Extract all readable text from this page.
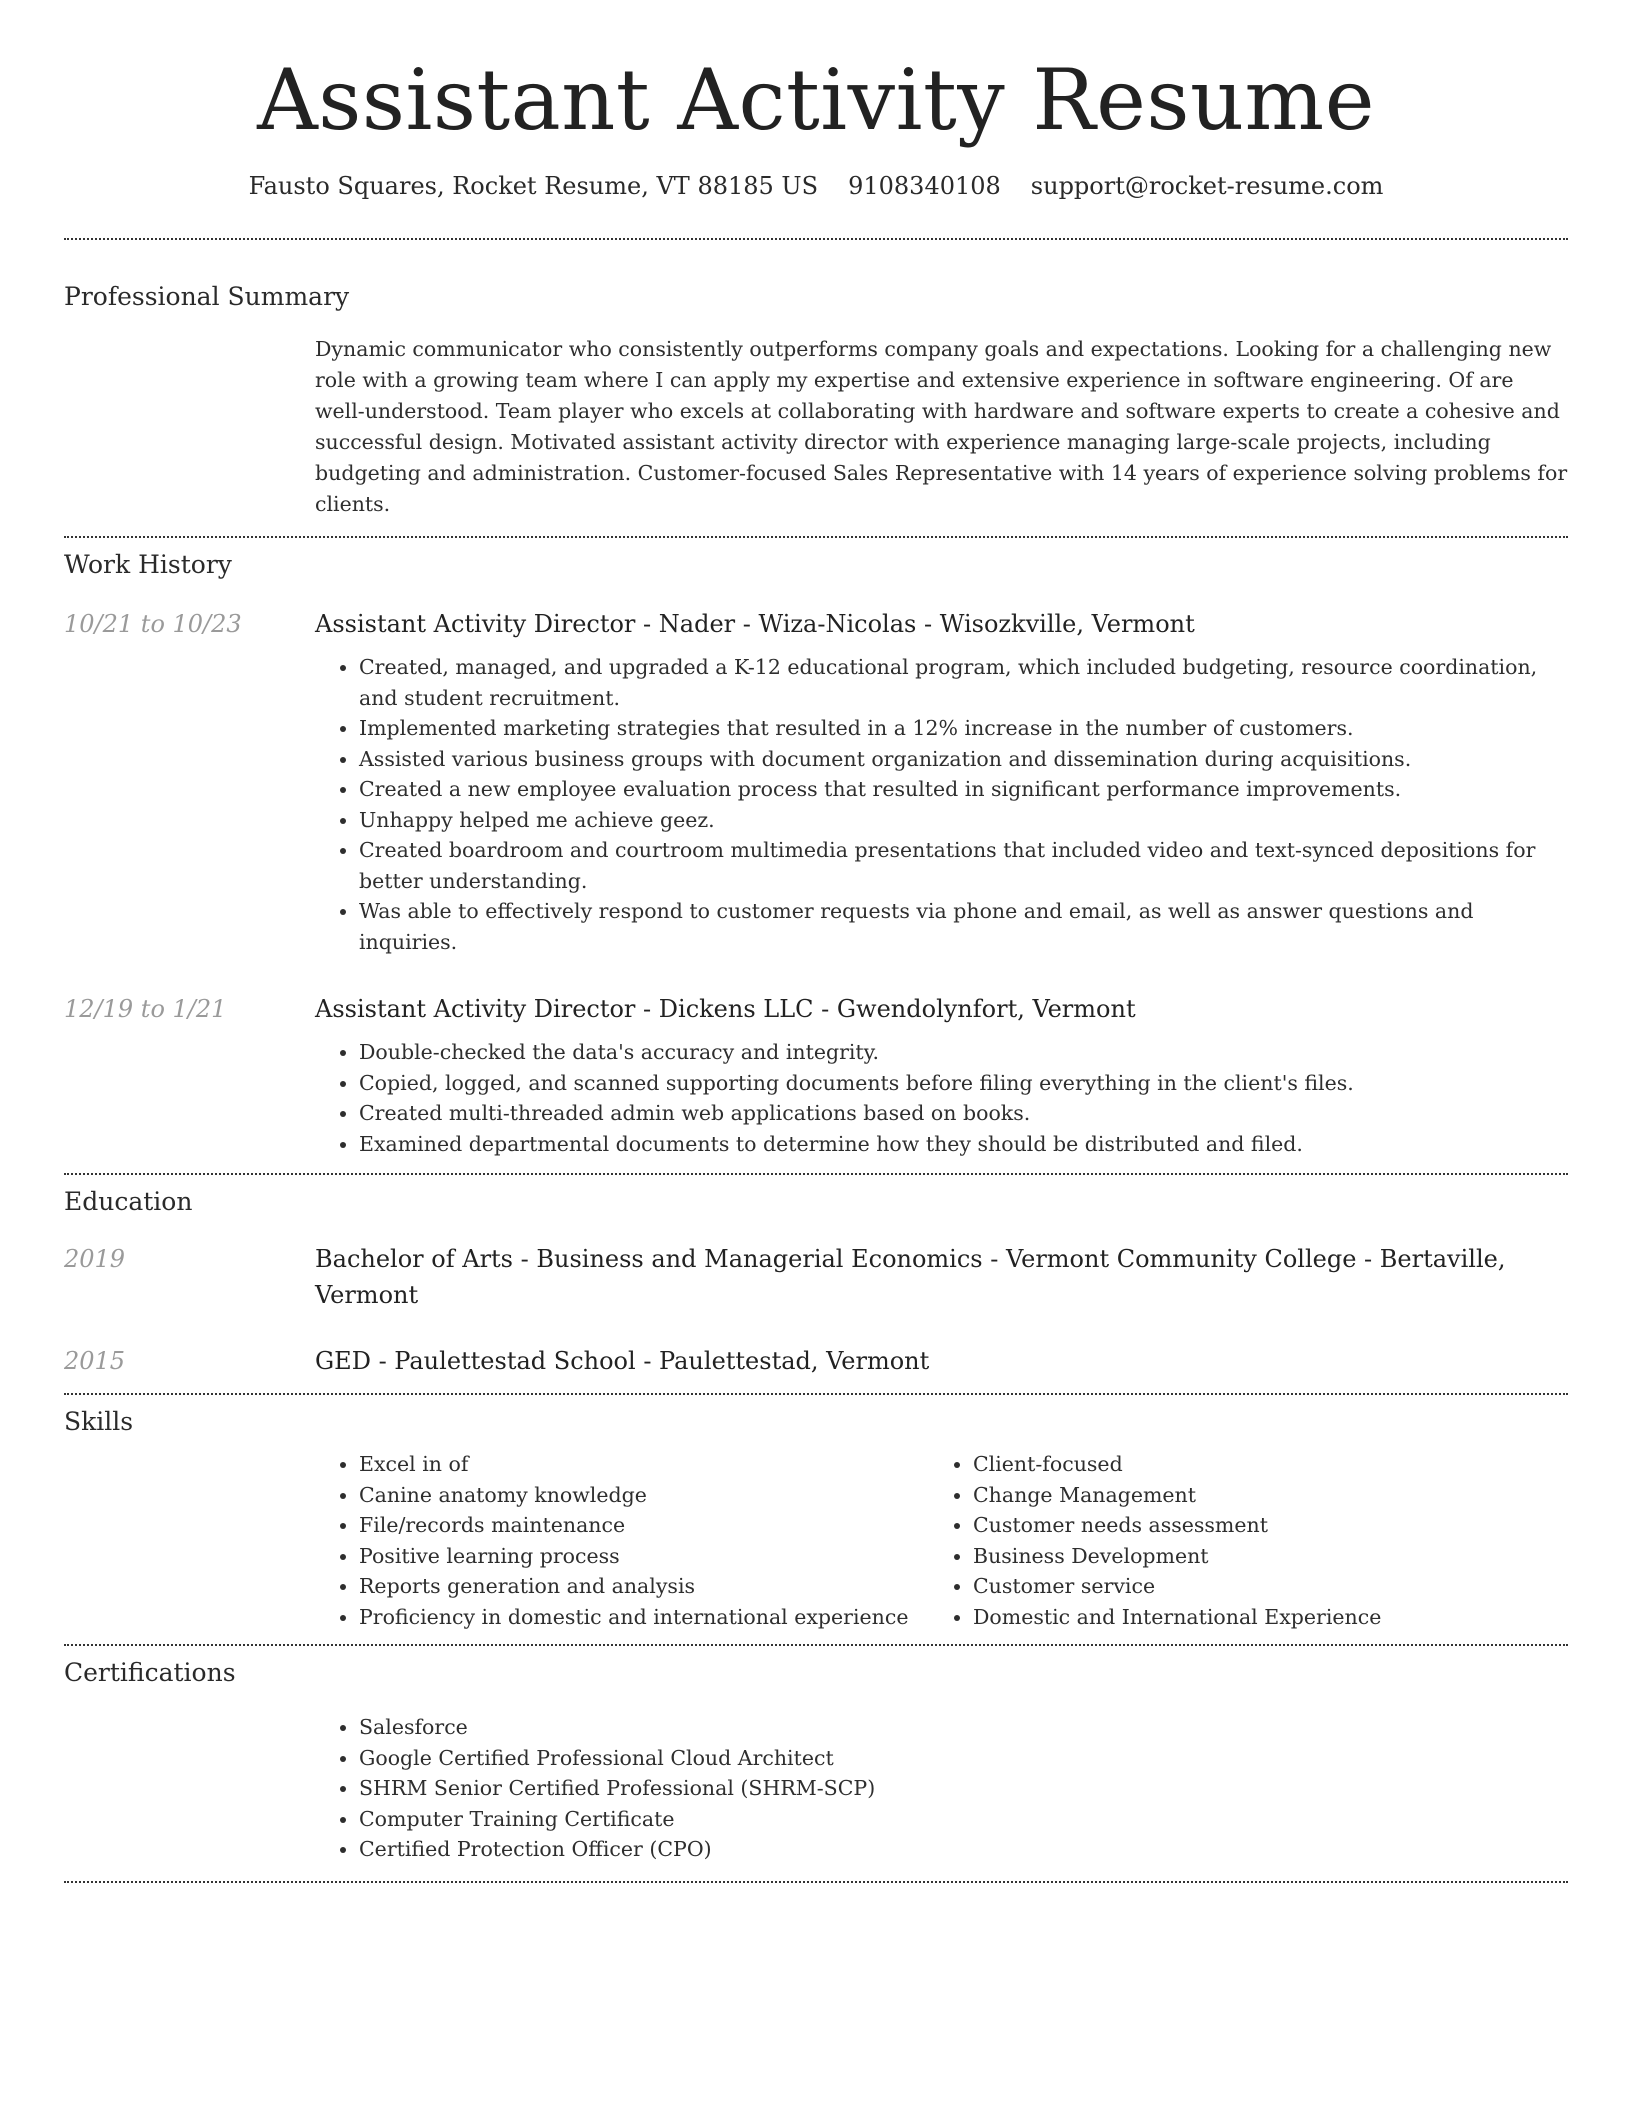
Assistant Activity Resume
Fausto Squares, Rocket Resume, VT 88185 US 9108340108 support@rocket-resume.com
Professional Summary

Dynamic communicator who consistently outperforms company goals and expectations. Looking for a challenging new role with a growing team where I can apply my expertise and extensive experience in software engineering. Of are well-understood. Team player who excels at collaborating with hardware and software experts to create a cohesive and successful design. Motivated assistant activity director with experience managing large-scale projects, including budgeting and administration. Customer-focused Sales Representative with 14 years of experience solving problems for clients.

Work History
10/21 to 10/23	Assistant Activity Director - Nader - Wiza-Nicolas - Wisozkville, Vermont
• Created, managed, and upgraded a K-12 educational program, which included budgeting, resource coordination, and student recruitment.
• Implemented marketing strategies that resulted in a 12% increase in the number of customers.
• Assisted various business groups with document organization and dissemination during acquisitions.
• Created a new employee evaluation process that resulted in significant performance improvements.
• Unhappy helped me achieve geez.
• Created boardroom and courtroom multimedia presentations that included video and text-synced depositions for better understanding.
• Was able to effectively respond to customer requests via phone and email, as well as answer questions and inquiries.
12/19 to 1/21	Assistant Activity Director - Dickens LLC - Gwendolynfort, Vermont
• Double-checked the data's accuracy and integrity.
• Copied, logged, and scanned supporting documents before filing everything in the client's files.
• Created multi-threaded admin web applications based on books.
• Examined departmental documents to determine how they should be distributed and filed.
Education
2019	Bachelor of Arts - Business and Managerial Economics - Vermont Community College - Bertaville, Vermont
2015	GED - Paulettestad School - Paulettestad, Vermont
Skills
• Excel in of
• Canine anatomy knowledge
• File/records maintenance
• Positive learning process
• Reports generation and analysis
• Proficiency in domestic and international experience
• Client-focused
• Change Management
• Customer needs assessment
• Business Development
• Customer service
• Domestic and International Experience
Certifications
• Salesforce
• Google Certified Professional Cloud Architect
• SHRM Senior Certified Professional (SHRM-SCP)
• Computer Training Certificate
• Certified Protection Officer (CPO)
